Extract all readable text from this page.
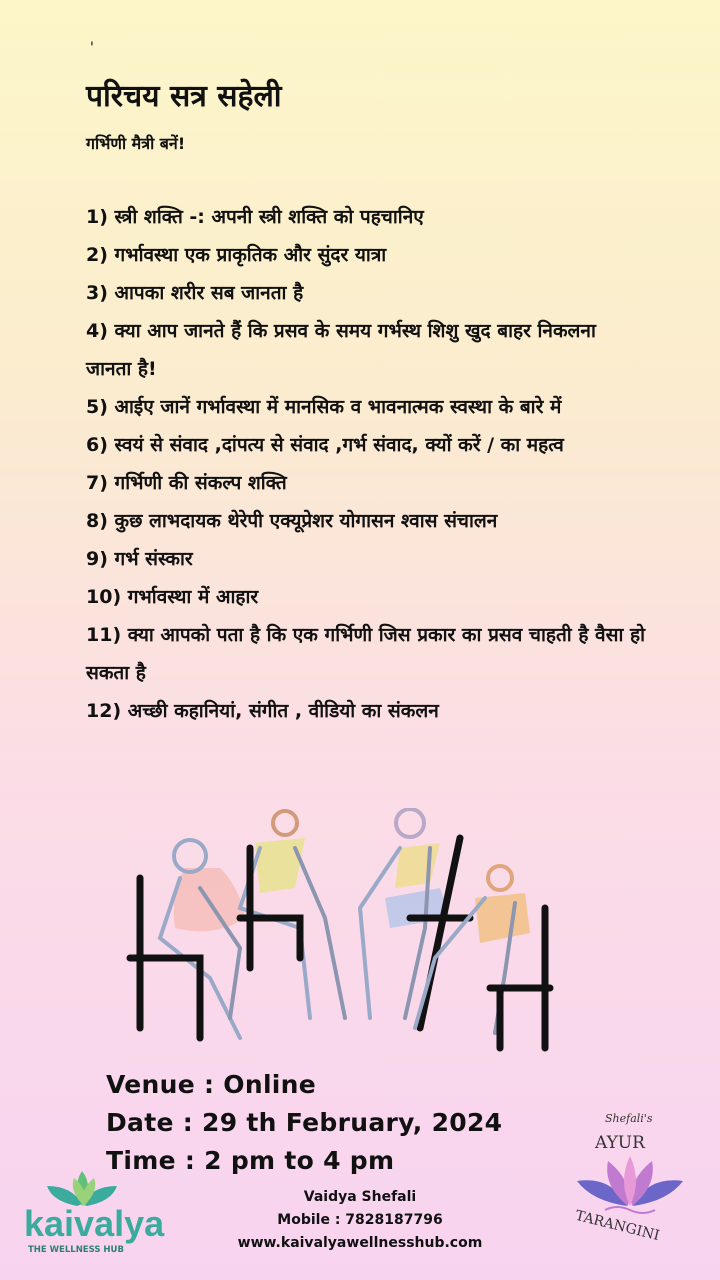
'
परिचय सत्र सहेली
गर्भिणी मैत्री बनें!
1) स्त्री शक्ति -: अपनी स्त्री शक्ति को पहचानिए
2) गर्भावस्था एक प्राकृतिक और सुंदर यात्रा
3) आपका शरीर सब जानता है
4) क्या आप जानते हैं कि प्रसव के समय गर्भस्थ शिशु खुद बाहर निकलना जानता है!
5) आईए जानें गर्भावस्था में मानसिक व भावनात्मक स्वस्था के बारे में
6) स्वयं से संवाद ,दांपत्य से संवाद ,गर्भ संवाद, क्यों करें / का महत्व
7) गर्भिणी की संकल्प शक्ति
8) कुछ लाभदायक थेरेपी एक्यूप्रेशर योगासन श्वास संचालन
9) गर्भ संस्कार
10) गर्भावस्था में आहार
11) क्या आपको पता है कि एक गर्भिणी जिस प्रकार का प्रसव चाहती है वैसा हो सकता है
12) अच्छी कहानियां, संगीत , वीडियो का संकलन
Venue : Online
Date : 29 th February, 2024
Time : 2 pm to 4 pm
Vaidya Shefali
Mobile : 7828187796
www.kaivalyawellnesshub.com
kaivalya
THE WELLNESS HUB
Shefali's
AYUR
TARANGINI
